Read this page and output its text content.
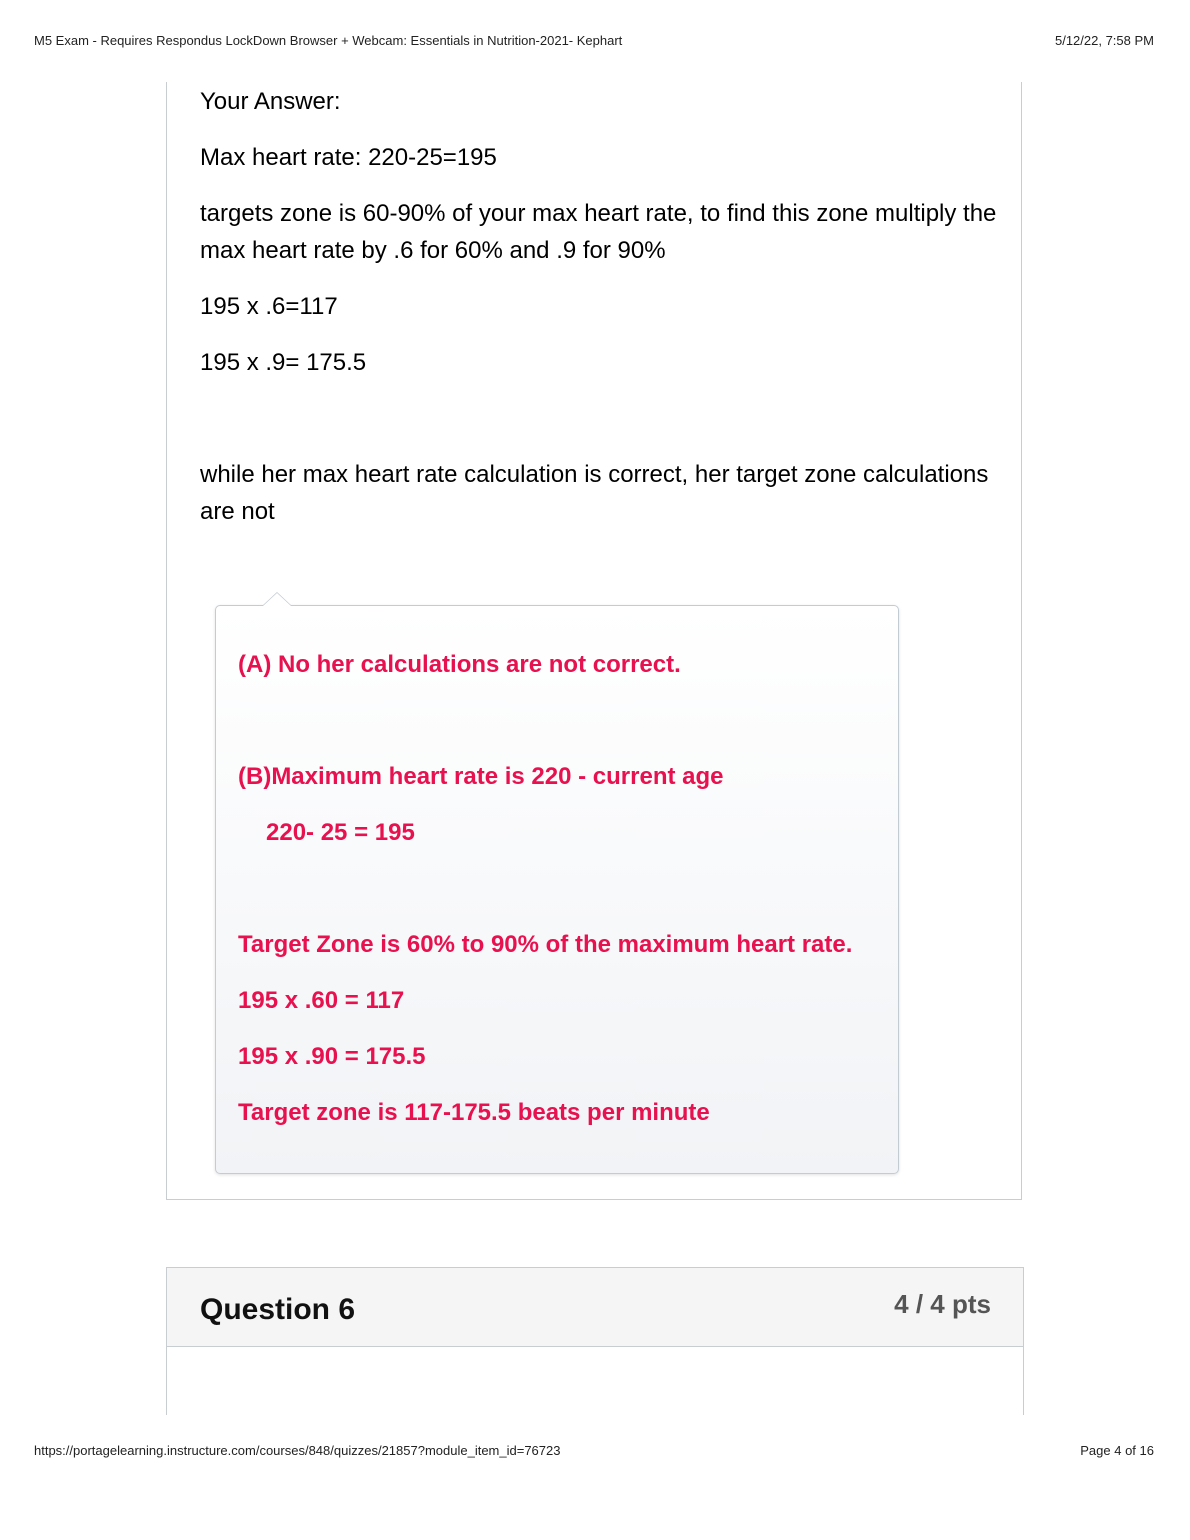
M5 Exam - Requires Respondus LockDown Browser + Webcam: Essentials in Nutrition-2021- Kephart	5/12/22, 7:58 PM

Your Answer:

Max heart rate: 220-25=195

targets zone is 60-90% of your max heart rate, to find this zone multiply the max heart rate by .6 for 60% and .9 for 90%

195 x .6=117

195 x .9= 175.5

while her max heart rate calculation is correct, her target zone calculations are not

(A) No her calculations are not correct.

(B)Maximum heart rate is 220 - current age

220- 25 = 195

Target Zone is 60% to 90% of the maximum heart rate.

195 x .60 = 117

195 x .90 = 175.5

Target zone is 117-175.5 beats per minute

Question 6	4 / 4 pts
https://portagelearning.instructure.com/courses/848/quizzes/21857?module_item_id=76723	Page 4 of 16
